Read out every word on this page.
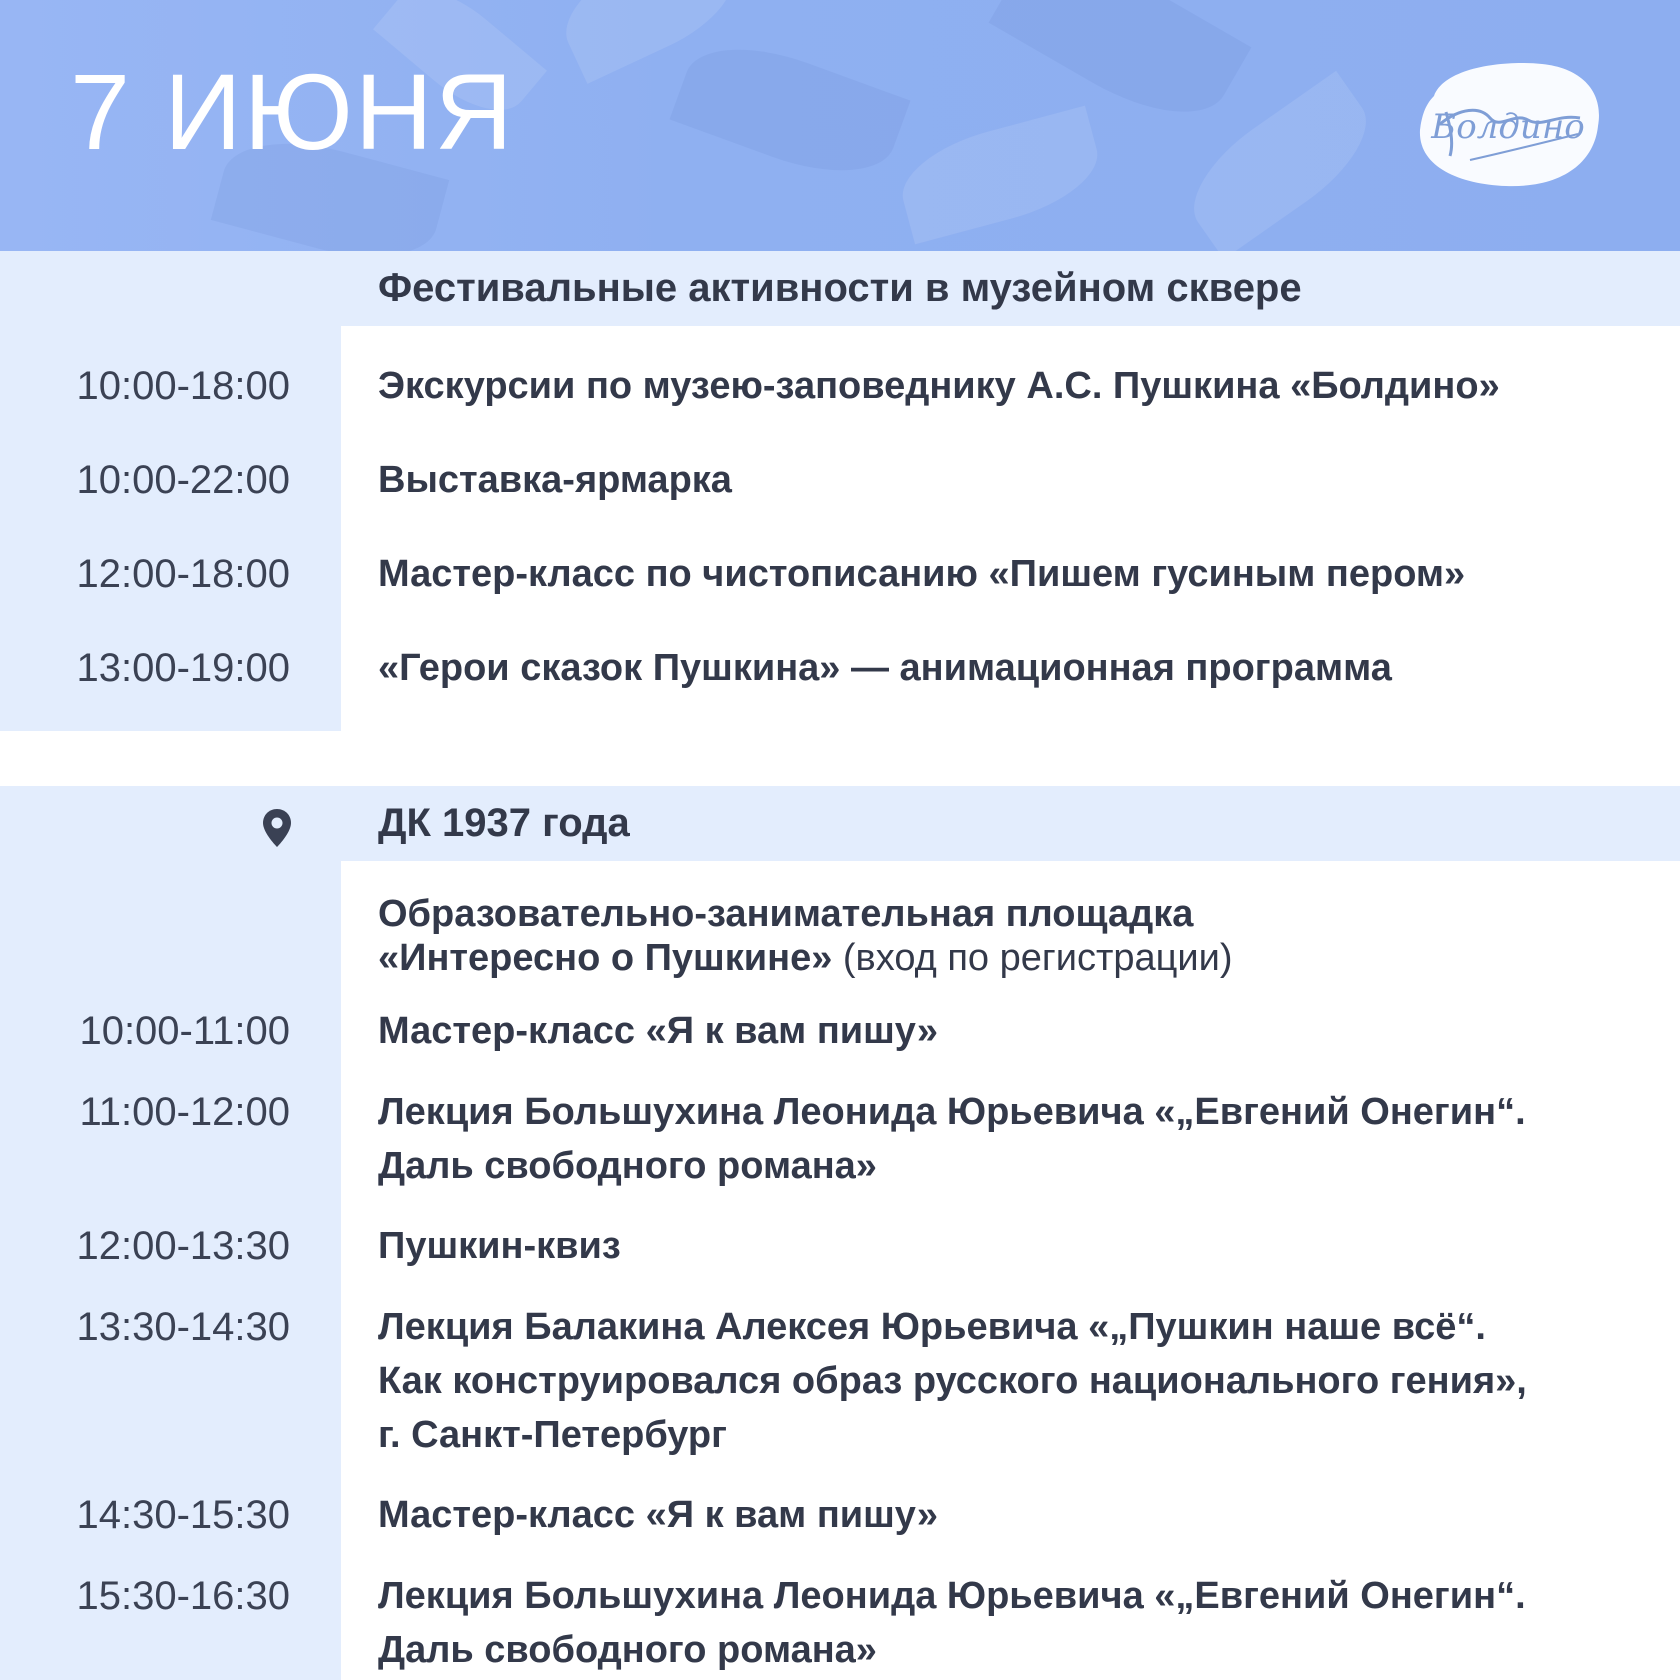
7 ИЮНЯ	Болдино
Фестивальные активности в музейном сквере
10:00-18:00 Экскурсии по музею-заповеднику А.С. Пушкина «Болдино»
10:00-22:00 Выставка-ярмарка
12:00-18:00 Мастер-класс по чистописанию «Пишем гусиным пером»
13:00-19:00 «Герои сказок Пушкина» — анимационная программа
ДК 1937 года
Образовательно-занимательная площадка
«Интересно о Пушкине» (вход по регистрации)
10:00-11:00 Мастер-класс «Я к вам пишу»
11:00-12:00 Лекция Большухина Леонида Юрьевича «„Евгений Онегин“.
Даль свободного романа»
12:00-13:30 Пушкин-квиз
13:30-14:30 Лекция Балакина Алексея Юрьевича «„Пушкин наше всё“.
Как конструировался образ русского национального гения»,
г. Санкт-Петербург
14:30-15:30 Мастер-класс «Я к вам пишу»
15:30-16:30 Лекция Большухина Леонида Юрьевича «„Евгений Онегин“.
Даль свободного романа»
